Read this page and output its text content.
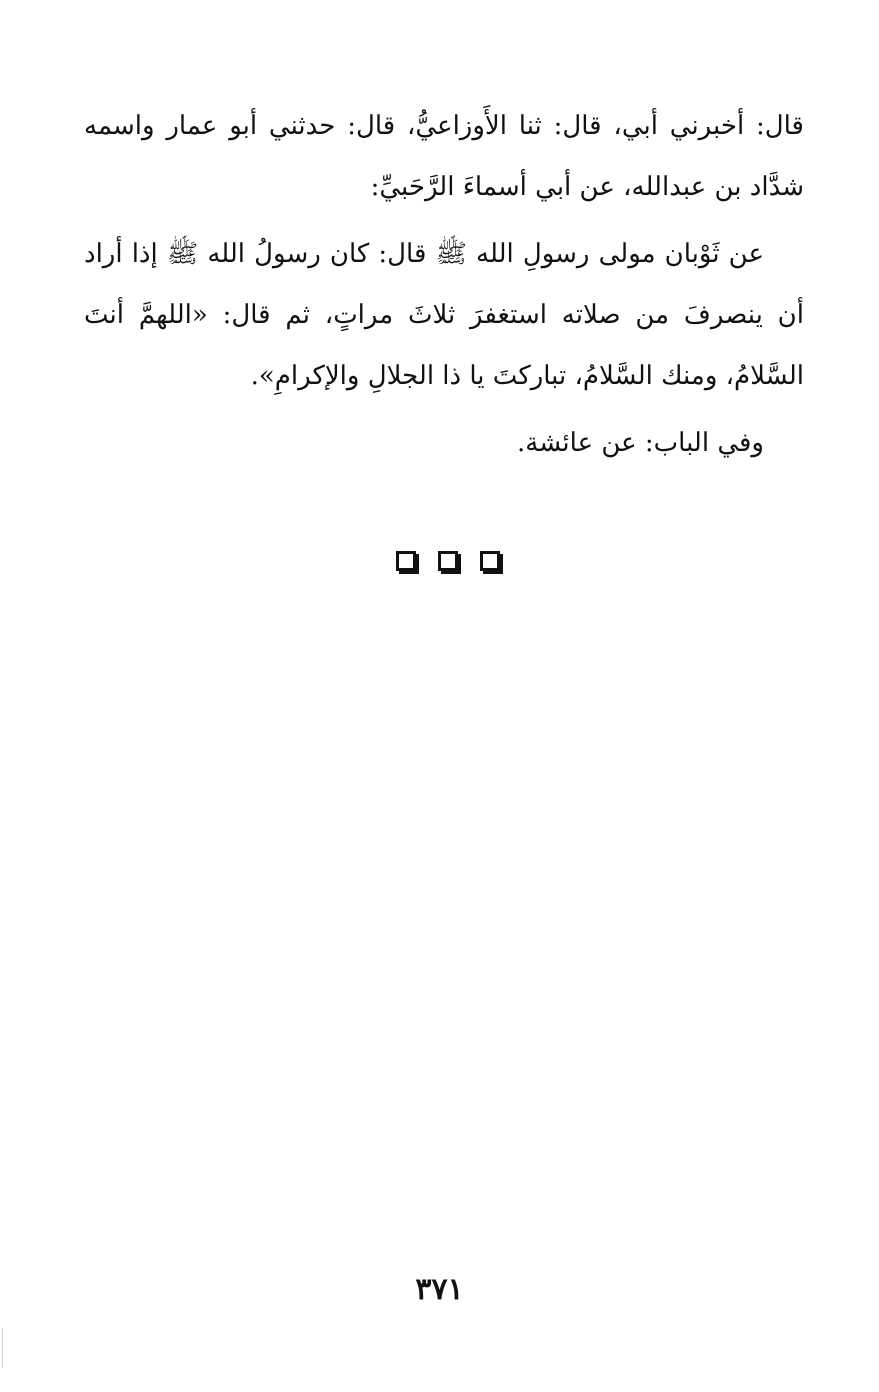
قال: أخبرني أبي، قال: ثنا الأَوزاعيُّ، قال: حدثني أبو عمار واسمه شدَّاد بن عبدالله، عن أبي أسماءَ الرَّحَبيِّ:

عن ثَوْبان مولى رسولِ الله ﷺ قال: كان رسولُ الله ﷺ إذا أراد أن ينصرفَ من صلاته استغفرَ ثلاثَ مراتٍ، ثم قال: «اللهمَّ أنتَ السَّلامُ، ومنك السَّلامُ، تباركتَ يا ذا الجلالِ والإكرامِ».

وفي الباب: عن عائشة.

٣٧١
